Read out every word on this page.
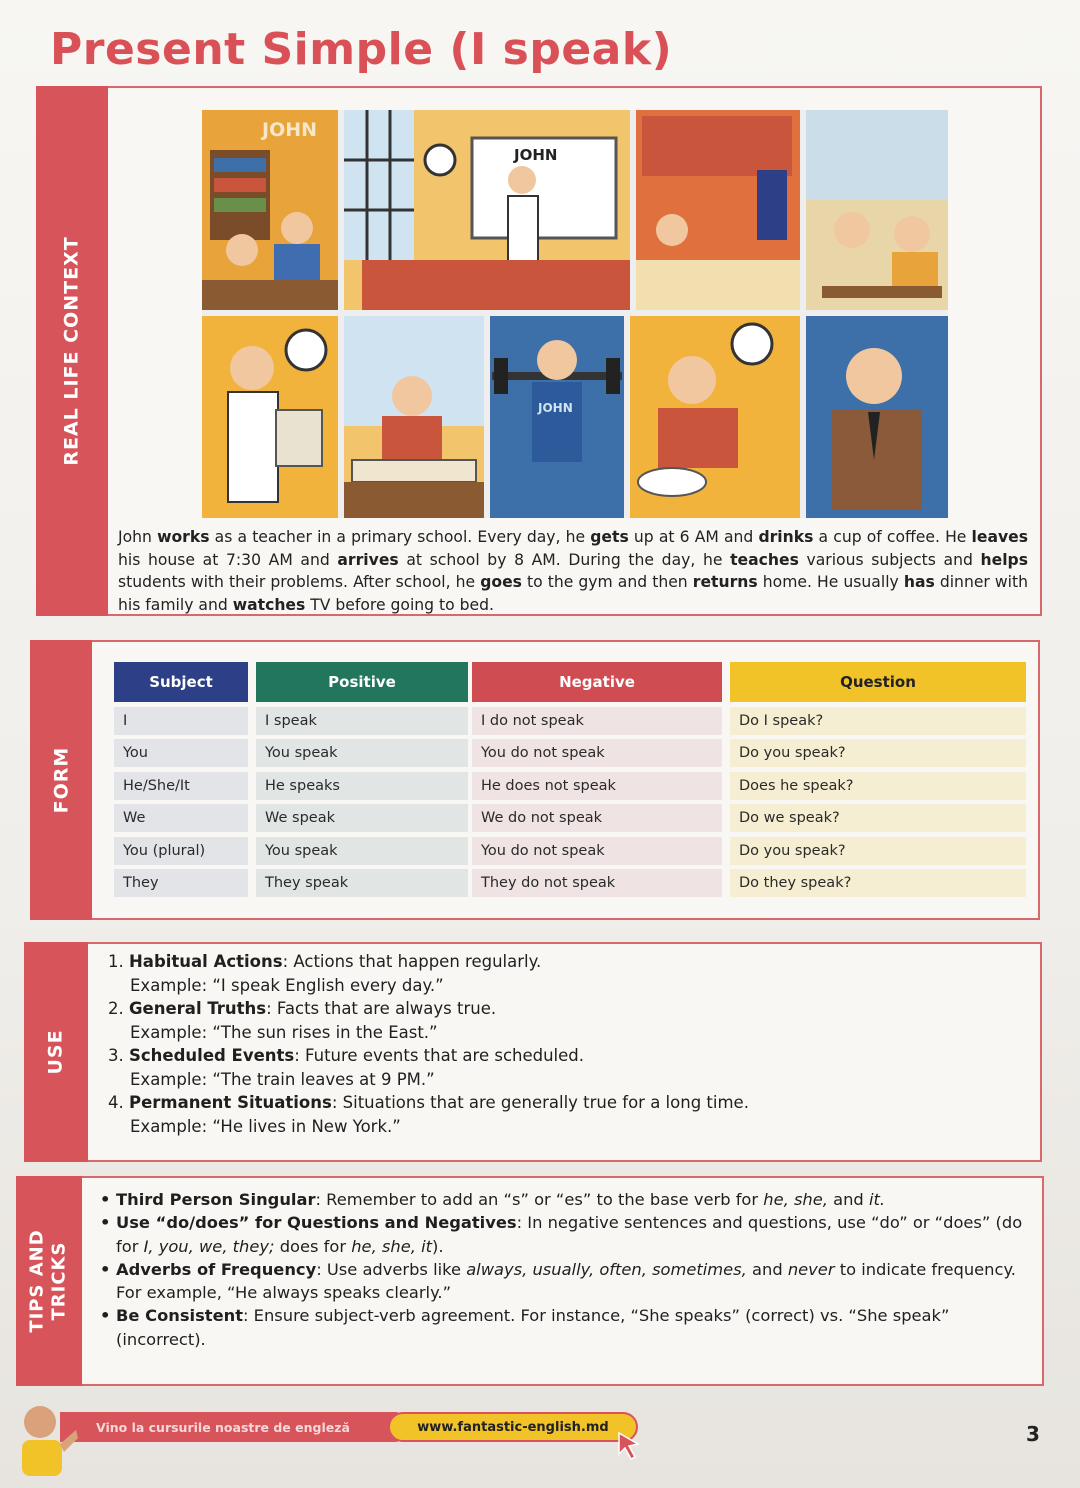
Present Simple (I speak)
REAL LIFE CONTEXT
JOHN
JOHN
JOHN

John works as a teacher in a primary school. Every day, he gets up at 6 AM and drinks a cup of coffee. He leaves his house at 7:30 AM and arrives at school by 8 AM. During the day, he teaches various subjects and helps students with their problems. After school, he goes to the gym and then returns home. He usually has dinner with his family and watches TV before going to bed.

FORM
Subject
I
You
He/She/It
We
You (plural)
They
Positive
I speak
You speak
He speaks
We speak
You speak
They speak
Negative
I do not speak
You do not speak
He does not speak
We do not speak
You do not speak
They do not speak
Question
Do I speak?
Do you speak?
Does he speak?
Do we speak?
Do you speak?
Do they speak?
USE
1. Habitual Actions: Actions that happen regularly.
Example: “I speak English every day.”
2. General Truths: Facts that are always true.
Example: “The sun rises in the East.”
3. Scheduled Events: Future events that are scheduled.
Example: “The train leaves at 9 PM.”
4. Permanent Situations: Situations that are generally true for a long time.
Example: “He lives in New York.”
TIPS AND
TRICKS
• Third Person Singular: Remember to add an “s” or “es” to the base verb for he, she, and it.
• Use “do/does” for Questions and Negatives: In negative sentences and questions, use “do” or “does” (do for I, you, we, they; does for he, she, it).
• Adverbs of Frequency: Use adverbs like always, usually, often, sometimes, and never to indicate frequency. For example, “He always speaks clearly.”
• Be Consistent: Ensure subject-verb agreement. For instance, “She speaks” (correct) vs. “She speak” (incorrect).
Vino la cursurile noastre de engleză	www.fantastic-english.md	3
